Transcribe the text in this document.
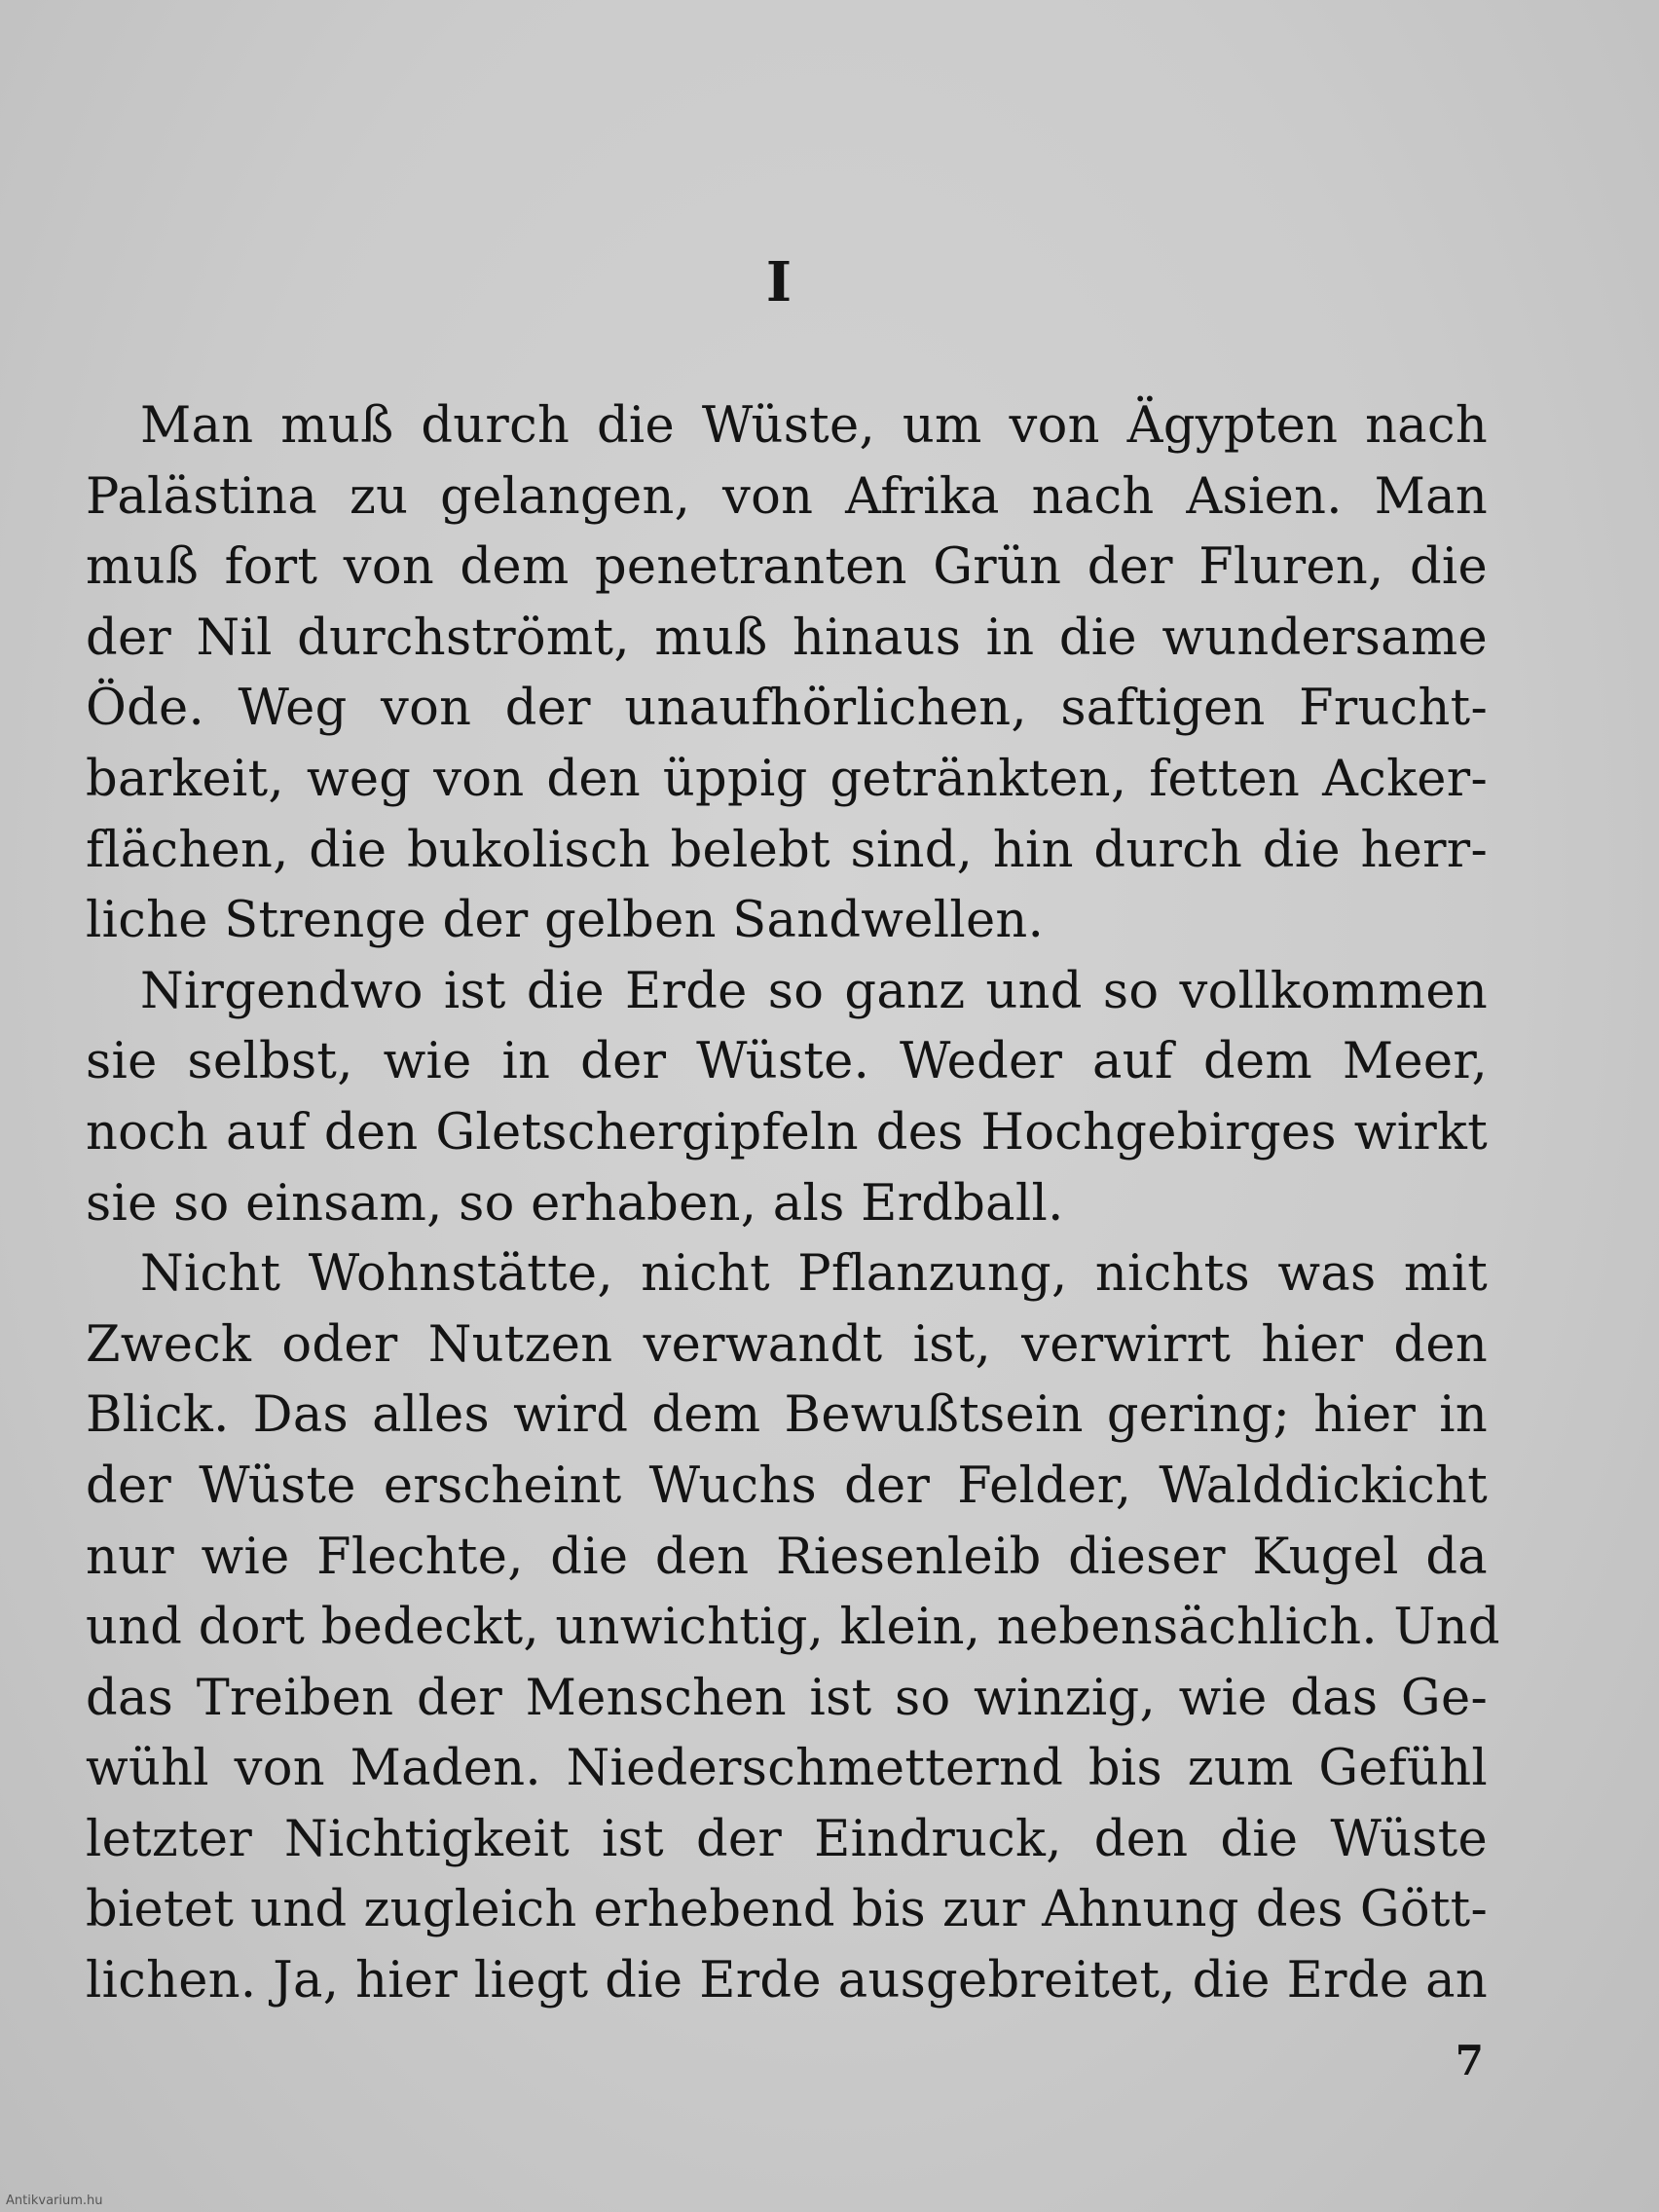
I
Man muß durch die Wüste, um von Ägypten nach
Palästina zu gelangen, von Afrika nach Asien. Man
muß fort von dem penetranten Grün der Fluren, die
der Nil durchströmt, muß hinaus in die wundersame
Öde. Weg von der unaufhörlichen, saftigen Frucht-
barkeit, weg von den üppig getränkten, fetten Acker-
flächen, die bukolisch belebt sind, hin durch die herr-
liche Strenge der gelben Sandwellen.
Nirgendwo ist die Erde so ganz und so vollkommen
sie selbst, wie in der Wüste. Weder auf dem Meer,
noch auf den Gletschergipfeln des Hochgebirges wirkt
sie so einsam, so erhaben, als Erdball.
Nicht Wohnstätte, nicht Pflanzung, nichts was mit
Zweck oder Nutzen verwandt ist, verwirrt hier den
Blick. Das alles wird dem Bewußtsein gering; hier in
der Wüste erscheint Wuchs der Felder, Walddickicht
nur wie Flechte, die den Riesenleib dieser Kugel da
und dort bedeckt, unwichtig, klein, nebensächlich. Und
das Treiben der Menschen ist so winzig, wie das Ge-
wühl von Maden. Niederschmetternd bis zum Gefühl
letzter Nichtigkeit ist der Eindruck, den die Wüste
bietet und zugleich erhebend bis zur Ahnung des Gött-
lichen. Ja, hier liegt die Erde ausgebreitet, die Erde an
7
Antikvarium.hu
